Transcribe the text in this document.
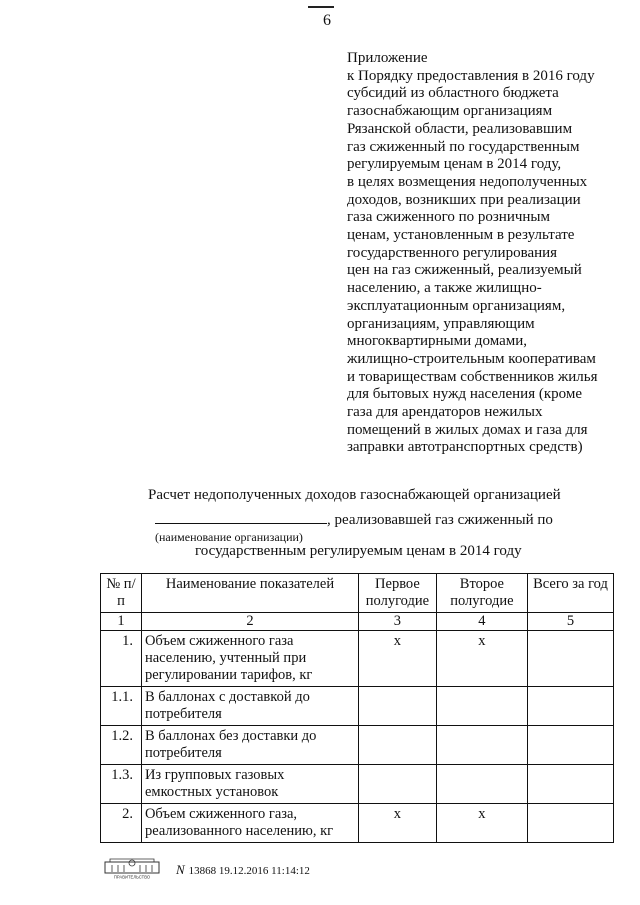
6
Приложение
к Порядку предоставления в 2016 году
субсидий из областного бюджета
газоснабжающим организациям
Рязанской области, реализовавшим
газ сжиженный по государственным
регулируемым ценам в 2014 году,
в целях возмещения недополученных
доходов, возникших при реализации
газа сжиженного по розничным
ценам, установленным в результате
государственного регулирования
цен на газ сжиженный, реализуемый
населению, а также жилищно-
эксплуатационным организациям,
организациям, управляющим
многоквартирными домами,
жилищно-строительным кооперативам
и товариществам собственников жилья
для бытовых нужд населения (кроме
газа для арендаторов нежилых
помещений в жилых домах и газа для
заправки автотранспортных средств)
Расчет недополученных доходов газоснабжающей организацией
, реализовавшей газ сжиженный по
(наименование организации)
государственным регулируемым ценам в 2014 году
№ п/п	Наименование показателей	Первое полугодие	Второе полугодие	Всего за год
1	2	3	4	5
1.	Объем сжиженного газа населению, учтенный при регулировании тарифов, кг	х	х	
1.1.	В баллонах с доставкой до потребителя			
1.2.	В баллонах без доставки до потребителя			
1.3.	Из групповых газовых емкостных установок			
2.	Объем сжиженного газа, реализованного населению, кг	х	х	
ПРАВИТЕЛЬСТВО N 13868 19.12.2016 11:14:12
